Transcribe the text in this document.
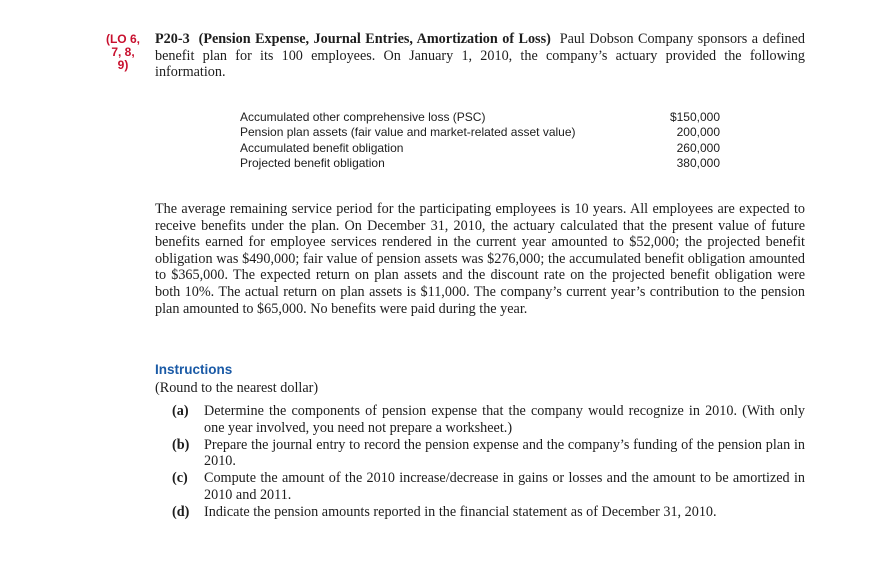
(LO 6,
7, 8,
9)
P20-3 (Pension Expense, Journal Entries, Amortization of Loss) Paul Dobson Company sponsors a defined benefit plan for its 100 employees. On January 1, 2010, the company’s actuary provided the following information.
Accumulated other comprehensive loss (PSC)	$150,000
Pension plan assets (fair value and market-related asset value)	200,000
Accumulated benefit obligation	260,000
Projected benefit obligation	380,000
The average remaining service period for the participating employees is 10 years. All employees are expected to receive benefits under the plan. On December 31, 2010, the actuary calculated that the present value of future benefits earned for employee services rendered in the current year amounted to $52,000; the projected benefit obligation was $490,000; fair value of pension assets was $276,000; the accumulated benefit obligation amounted to $365,000. The expected return on plan assets and the discount rate on the projected benefit obligation were both 10%. The actual return on plan assets is $11,000. The company’s current year’s contribution to the pension plan amounted to $65,000. No benefits were paid during the year.
Instructions
(Round to the nearest dollar)
(a)	Determine the components of pension expense that the company would recognize in 2010. (With only one year involved, you need not prepare a worksheet.)
(b)	Prepare the journal entry to record the pension expense and the company’s funding of the pension plan in 2010.
(c)	Compute the amount of the 2010 increase/decrease in gains or losses and the amount to be amortized in 2010 and 2011.
(d)	Indicate the pension amounts reported in the financial statement as of December 31, 2010.
